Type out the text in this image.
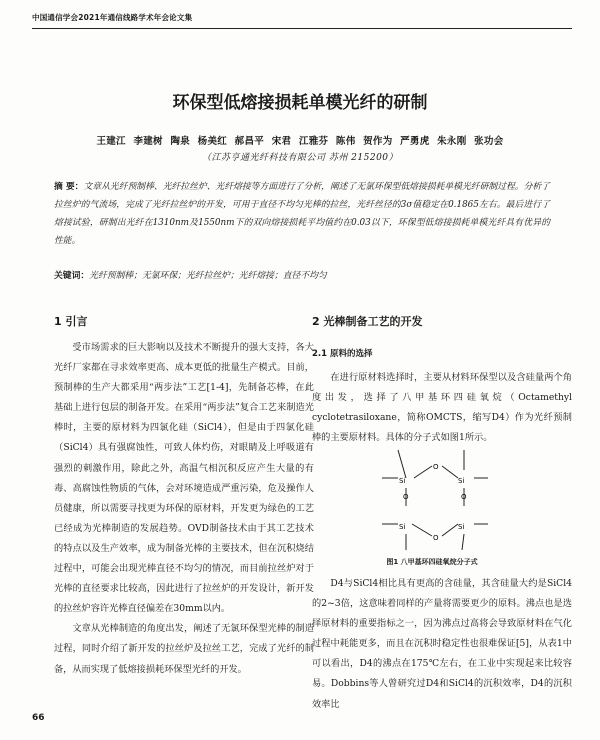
中国通信学会2021年通信线路学术年会论文集
环保型低熔接损耗单模光纤的研制
王建江 李建树 陶泉 杨美红 郝昌平 宋君 江雅芬 陈伟 贺作为 严勇虎 朱永刚 张功会
（江苏亨通光纤科技有限公司 苏州 215200）
摘 要：文章从光纤预制棒、光纤拉丝炉、光纤熔接等方面进行了分析，阐述了无氯环保型低熔接损耗单模光纤研制过程。分析了拉丝炉的气流场，完成了光纤拉丝炉的开发，可用于直径不均匀光棒的拉丝，光纤丝径的3σ值稳定在0.1865左右。最后进行了熔接试验，研制出光纤在1310nm及1550nm下的双向熔接损耗平均值约在0.03以下，环保型低熔接损耗单模光纤具有优异的性能。
关键词：光纤预制棒；无氯环保；光纤拉丝炉；光纤熔接；直径不均匀
1 引言

受市场需求的巨大影响以及技术不断提升的强大支持，各大光纤厂家都在寻求效率更高、成本更低的批量生产模式。目前，预制棒的生产大都采用“两步法”工艺[1-4]，先制备芯棒，在此基础上进行包层的制备开发。在采用“两步法”复合工艺来制造光棒时，主要的原材料为四氯化硅（SiCl4），但是由于四氯化硅（SiCl4）具有强腐蚀性，可致人体灼伤，对眼睛及上呼吸道有强烈的刺激作用，除此之外，高温气相沉积反应产生大量的有毒、高腐蚀性物质的气体，会对环境造成严重污染，危及操作人员健康，所以需要寻找更为环保的原材料，开发更为绿色的工艺已经成为光棒制造的发展趋势。OVD制备技术由于其工艺技术的特点以及生产效率，成为制备光棒的主要技术，但在沉积烧结过程中，可能会出现光棒直径不均匀的情况，而目前拉丝炉对于光棒的直径要求比较高，因此进行了拉丝炉的开发设计，新开发的拉丝炉容许光棒直径偏差在30mm以内。

文章从光棒制造的角度出发，阐述了无氯环保型光棒的制造过程，同时介绍了新开发的拉丝炉及拉丝工艺，完成了光纤的制备，从而实现了低熔接损耗环保型光纤的开发。

2 光棒制备工艺的开发
2.1 原料的选择

在进行原材料选择时，主要从材料环保型以及含硅量两个角度出发，选择了八甲基环四硅氧烷（Octamethyl cyclotetrasiloxane，简称OMCTS，缩写D4）作为光纤预制棒的主要原材料。具体的分子式如图1所示。

Si
O
Si
O	O
Si
O
Si
图1 八甲基环四硅氧烷分子式

D4与SiCl4相比具有更高的含硅量，其含硅量大约是SiCl4的2~3倍，这意味着同样的产量将需要更少的原料。沸点也是选择原材料的重要指标之一，因为沸点过高将会导致原材料在气化过程中耗能更多，而且在沉积时稳定性也很难保证[5]，从表1中可以看出，D4的沸点在175℃左右，在工业中实现起来比较容易。Dobbins等人曾研究过D4和SiCl4的沉积效率，D4的沉积效率比

66
